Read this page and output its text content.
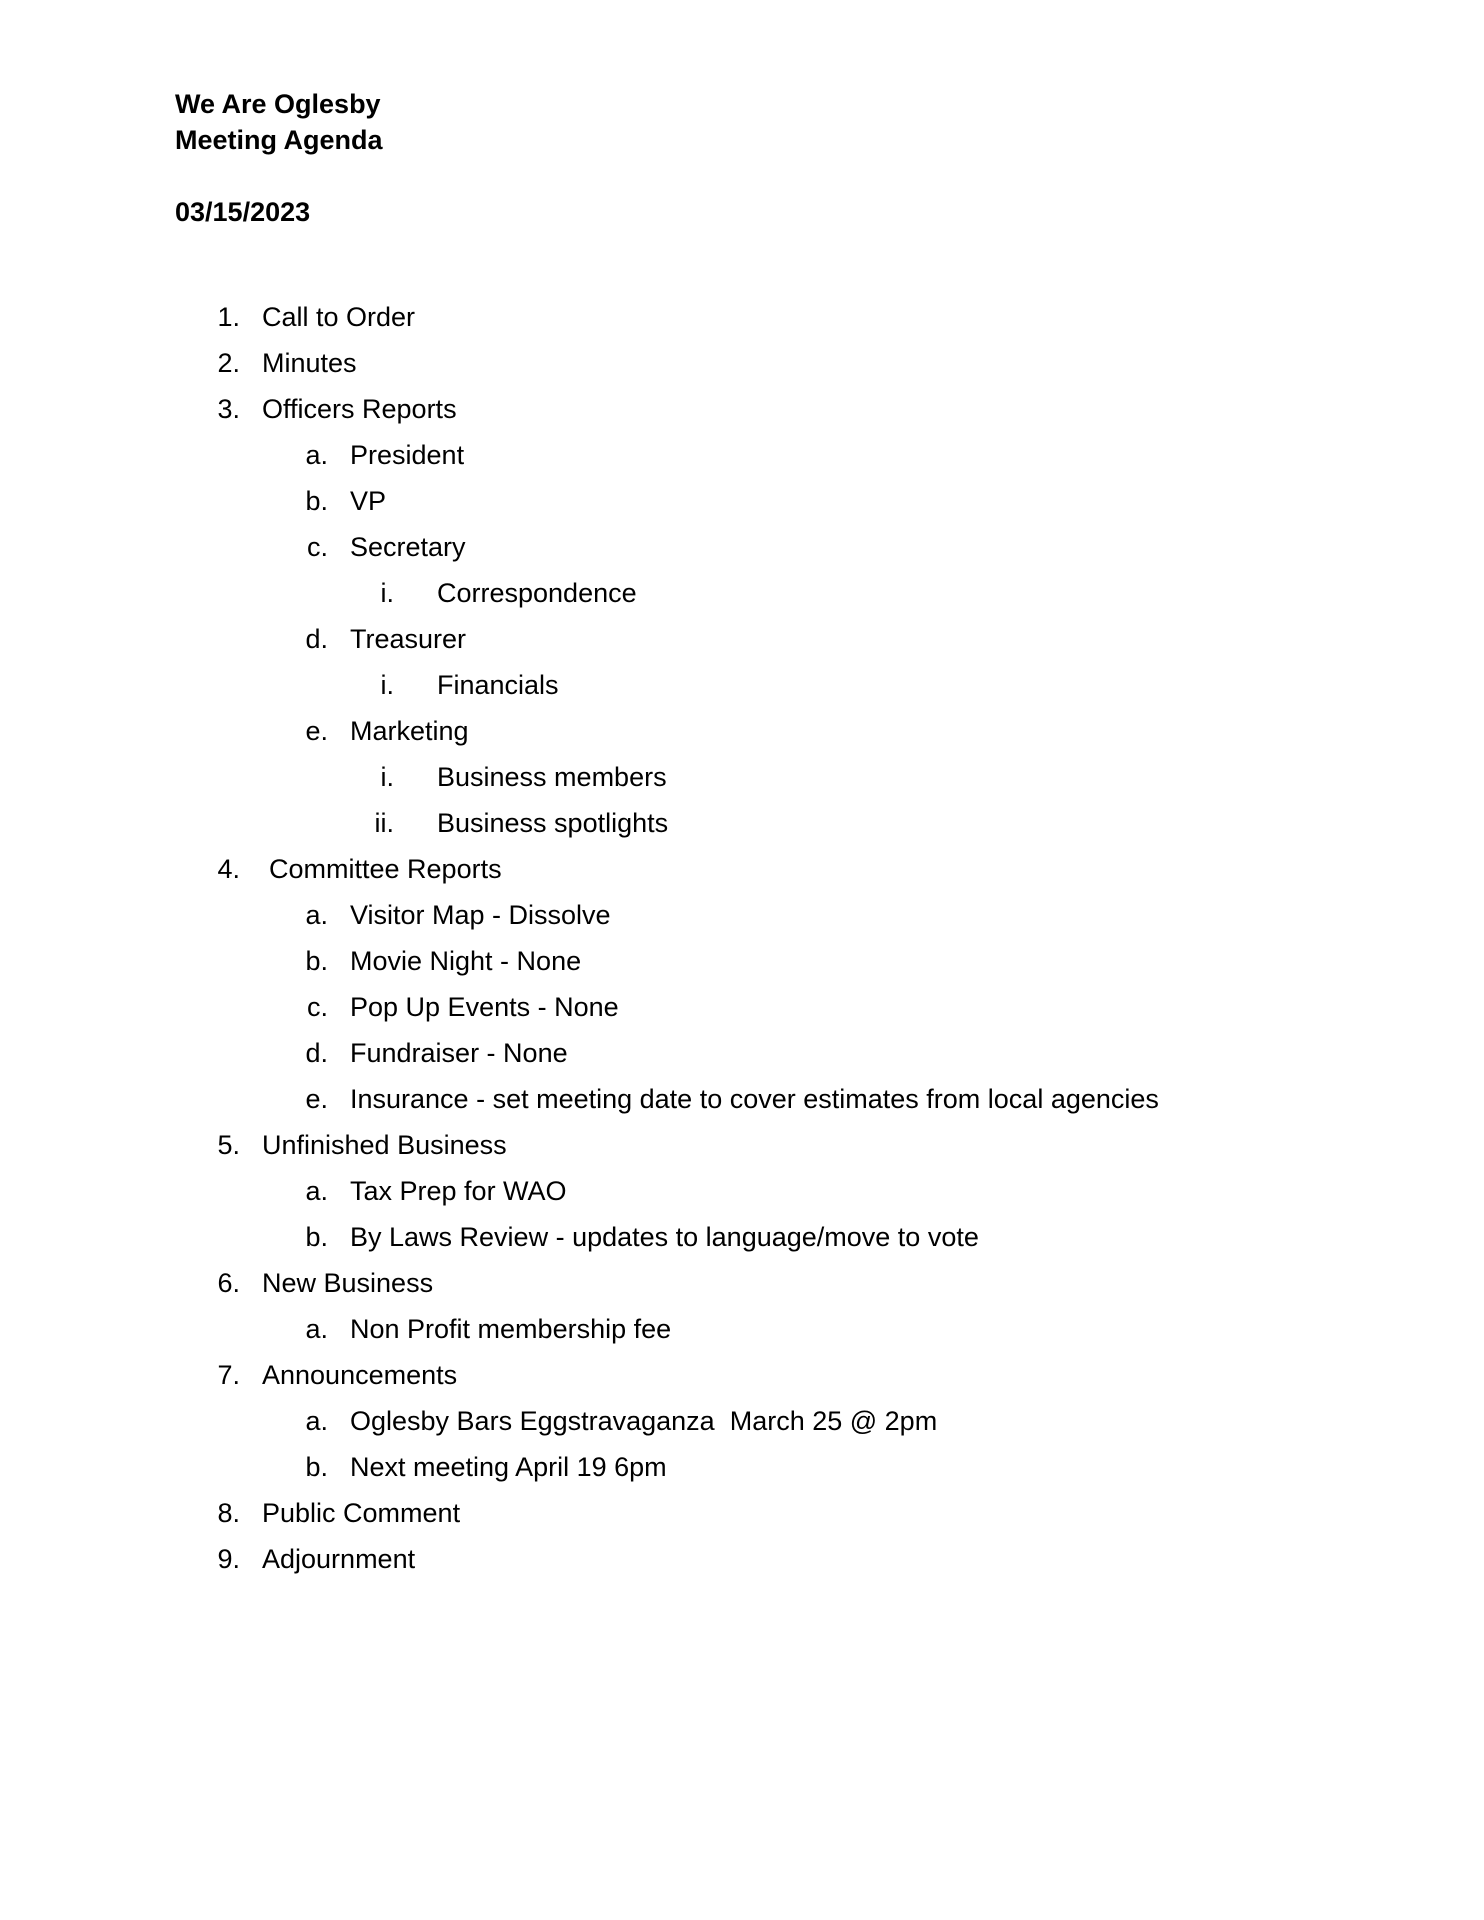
We Are Oglesby
Meeting Agenda
03/15/2023
1. Call to Order
2. Minutes
3. Officers Reports
a. President
b. VP
c. Secretary
i. Correspondence
d. Treasurer
i. Financials
e. Marketing
i. Business members
ii. Business spotlights
4. Committee Reports
a. Visitor Map - Dissolve
b. Movie Night - None
c. Pop Up Events - None
d. Fundraiser - None
e. Insurance - set meeting date to cover estimates from local agencies
5. Unfinished Business
a. Tax Prep for WAO
b. By Laws Review - updates to language/move to vote
6. New Business
a. Non Profit membership fee
7. Announcements
a. Oglesby Bars Eggstravaganza  March 25 @ 2pm
b. Next meeting April 19 6pm
8. Public Comment
9. Adjournment
